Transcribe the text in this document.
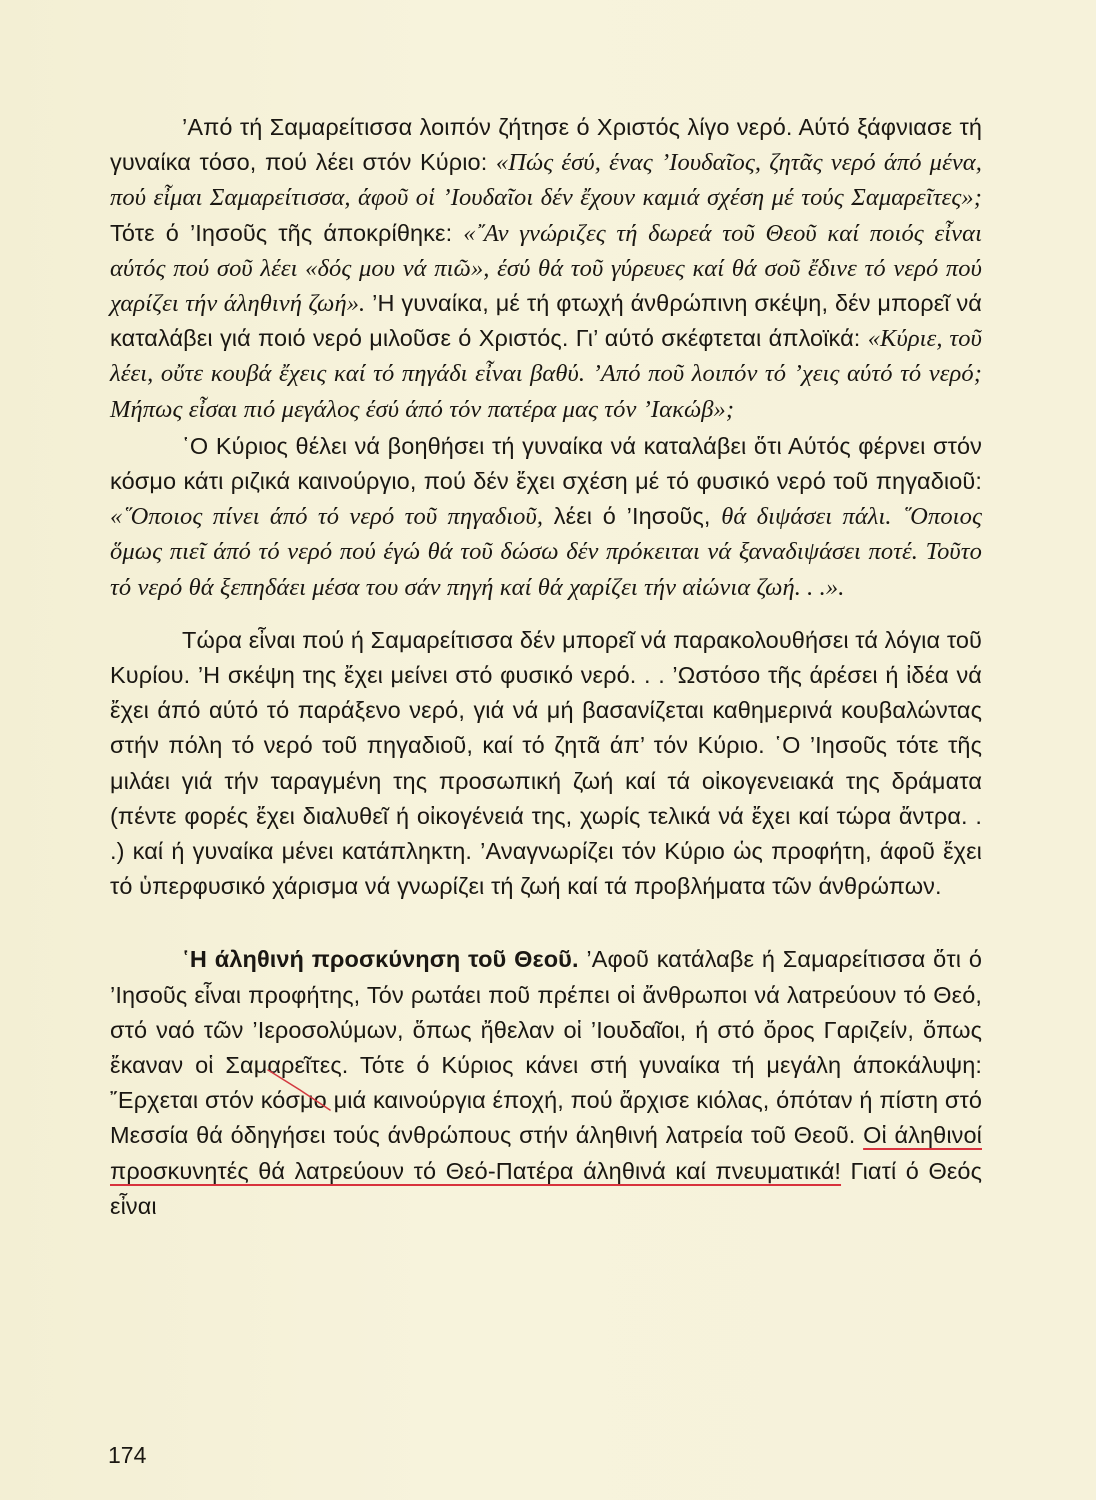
’Από τή Σαμαρείτισσα λοιπόν ζήτησε ό Χριστός λίγο νερό. Αύτό ξάφνιασε τή γυναίκα τόσο, πού λέει στόν Κύριο: «Πώς έσύ, ένας ’Ιουδαῖος, ζητᾶς νερό άπό μένα, πού εἶμαι Σαμαρείτισσα, άφοῦ οἱ ’Ιουδαῖοι δέν ἔχουν καμιά σχέση μέ τούς Σαμαρεῖτες»; Τότε ό ’Ιησοῦς τῆς άποκρίθηκε: «῎Αν γνώριζες τή δωρεά τοῦ Θεοῦ καί ποιός εἶναι αύτός πού σοῦ λέει «δός μου νά πιῶ», έσύ θά τοῦ γύρευες καί θά σοῦ ἔδινε τό νερό πού χαρίζει τήν άληθινή ζωή». ’Η γυναίκα, μέ τή φτωχή άνθρώπινη σκέψη, δέν μπορεῖ νά καταλάβει γιά ποιό νερό μιλοῦσε ό Χριστός. Γι’ αύτό σκέφτεται άπλοϊκά: «Κύριε, τοῦ λέει, οὔτε κουβά ἔχεις καί τό πηγάδι εἶναι βαθύ. ’Από ποῦ λοιπόν τό ’χεις αύτό τό νερό; Μήπως εἶσαι πιό μεγάλος έσύ άπό τόν πατέρα μας τόν ’Ιακώβ»;

῾Ο Κύριος θέλει νά βοηθήσει τή γυναίκα νά καταλάβει ὅτι Αύτός φέρνει στόν κόσμο κάτι ριζικά καινούργιο, πού δέν ἔχει σχέση μέ τό φυσικό νερό τοῦ πηγαδιοῦ: «῞Οποιος πίνει άπό τό νερό τοῦ πηγαδιοῦ, λέει ό ’Ιησοῦς, θά διψάσει πάλι. ῞Οποιος ὅμως πιεῖ άπό τό νερό πού έγώ θά τοῦ δώσω δέν πρόκειται νά ξαναδιψάσει ποτέ. Τοῦτο τό νερό θά ξεπηδάει μέσα του σάν πηγή καί θά χαρίζει τήν αἰώνια ζωή. . .».

Τώρα εἶναι πού ή Σαμαρείτισσα δέν μπορεῖ νά παρακολουθήσει τά λόγια τοῦ Κυρίου. ’Η σκέψη της ἔχει μείνει στό φυσικό νερό. . . ’Ωστόσο τῆς άρέσει ή ἰδέα νά ἔχει άπό αύτό τό παράξενο νερό, γιά νά μή βασανίζεται καθημερινά κουβαλώντας στήν πόλη τό νερό τοῦ πηγαδιοῦ, καί τό ζητᾶ άπ’ τόν Κύριο. ῾Ο ’Ιησοῦς τότε τῆς μιλάει γιά τήν ταραγμένη της προσωπική ζωή καί τά οἰκογενειακά της δράματα (πέντε φορές ἔχει διαλυθεῖ ή οἰκογένειά της, χωρίς τελικά νά ἔχει καί τώρα ἄντρα. . .) καί ή γυναίκα μένει κατάπληκτη. ’Αναγνωρίζει τόν Κύριο ὡς προφήτη, άφοῦ ἔχει τό ὑπερφυσικό χάρισμα νά γνωρίζει τή ζωή καί τά προβλήματα τῶν άνθρώπων.

῾Η άληθινή προσκύνηση τοῦ Θεοῦ. ’Αφοῦ κατάλαβε ή Σαμαρείτισσα ὅτι ό ’Ιησοῦς εἶναι προφήτης, Τόν ρωτάει ποῦ πρέπει οἱ ἄνθρωποι νά λατρεύουν τό Θεό, στό ναό τῶν ’Ιεροσολύμων, ὅπως ἤθελαν οἱ ’Ιουδαῖοι, ή στό ὄρος Γαριζείν, ὅπως ἔκαναν οἱ Σαμαρεῖτες. Τότε ό Κύριος κάνει στή γυναίκα τή μεγάλη άποκάλυψη: ῎Ερχεται στόν κόσμο μιά καινούργια έποχή, πού ἄρχισε κιόλας, όπόταν ή πίστη στό Μεσσία θά όδηγήσει τούς άνθρώπους στήν άληθινή λατρεία τοῦ Θεοῦ. Οἱ άληθινοί προσκυνητές θά λατρεύουν τό Θεό-Πατέρα άληθινά καί πνευματικά! Γιατί ό Θεός εἶναι

174
